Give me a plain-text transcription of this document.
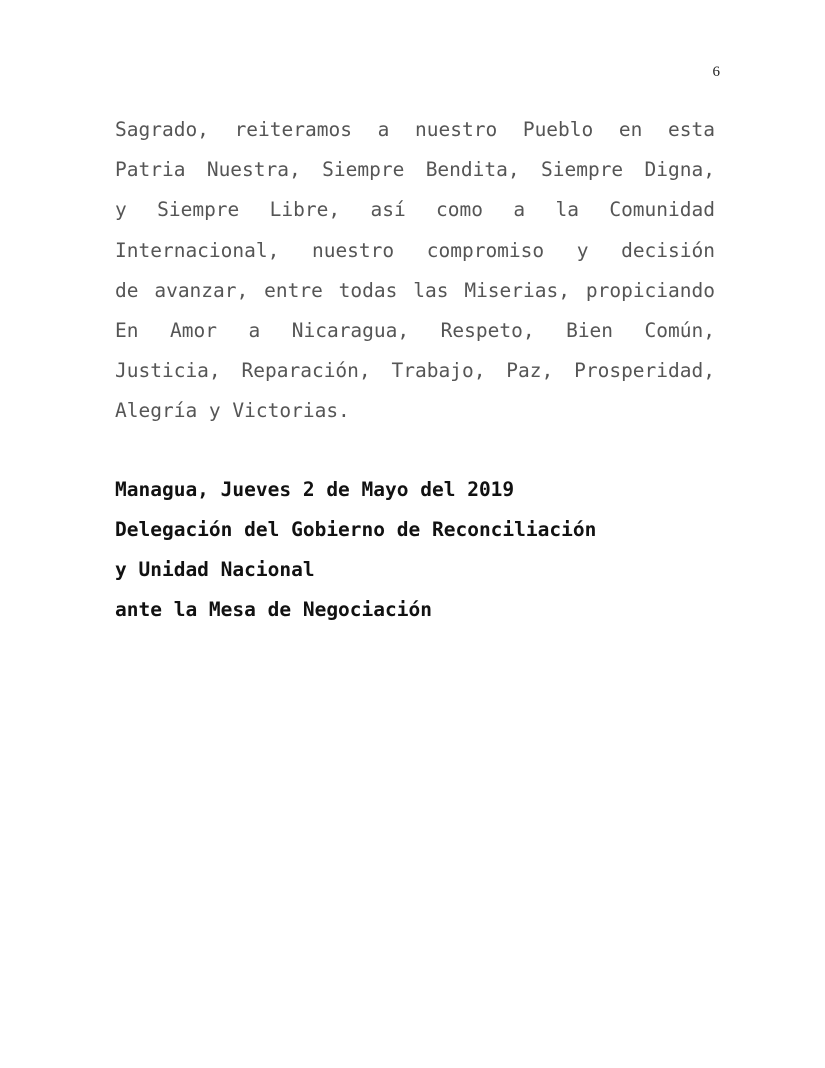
6
Sagrado, reiteramos a nuestro Pueblo en esta
Patria Nuestra, Siempre Bendita, Siempre Digna,
y Siempre Libre, así como a la Comunidad
Internacional, nuestro compromiso y decisión
de avanzar, entre todas las Miserias, propiciando
En Amor a Nicaragua, Respeto, Bien Común,
Justicia, Reparación, Trabajo, Paz, Prosperidad,
Alegría y Victorias.
Managua, Jueves 2 de Mayo del 2019
Delegación del Gobierno de Reconciliación
y Unidad Nacional
ante la Mesa de Negociación
